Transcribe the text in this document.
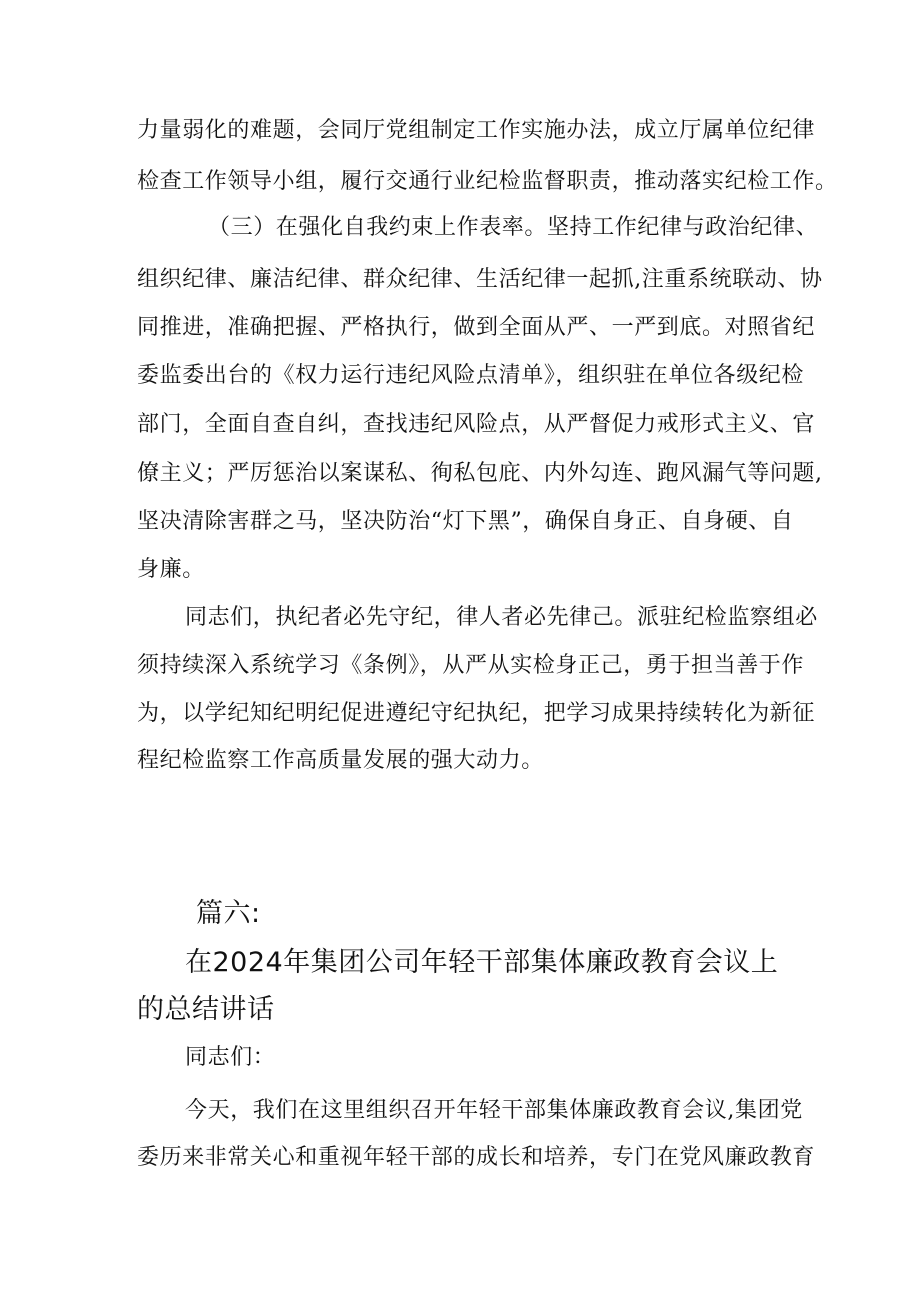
力量弱化的难题，会同厅党组制定工作实施办法，成立厅属单位纪律
检查工作领导小组，履行交通行业纪检监督职责，推动落实纪检工作。
（三）在强化自我约束上作表率。坚持工作纪律与政治纪律、
组织纪律、廉洁纪律、群众纪律、生活纪律一起抓,注重系统联动、协
同推进，准确把握、严格执行，做到全面从严、一严到底。对照省纪
委监委出台的《权力运行违纪风险点清单》，组织驻在单位各级纪检
部门，全面自查自纠，查找违纪风险点，从严督促力戒形式主义、官
僚主义；严厉惩治以案谋私、徇私包庇、内外勾连、跑风漏气等问题,
坚决清除害群之马，坚决防治“灯下黑”，确保自身正、自身硬、自
身廉。
同志们，执纪者必先守纪，律人者必先律己。派驻纪检监察组必
须持续深入系统学习《条例》，从严从实检身正己，勇于担当善于作
为，以学纪知纪明纪促进遵纪守纪执纪，把学习成果持续转化为新征
程纪检监察工作高质量发展的强大动力。
篇六:
在2024年集团公司年轻干部集体廉政教育会议上
的总结讲话
同志们：
今天，我们在这里组织召开年轻干部集体廉政教育会议,集团党
委历来非常关心和重视年轻干部的成长和培养，专门在党风廉政教育
